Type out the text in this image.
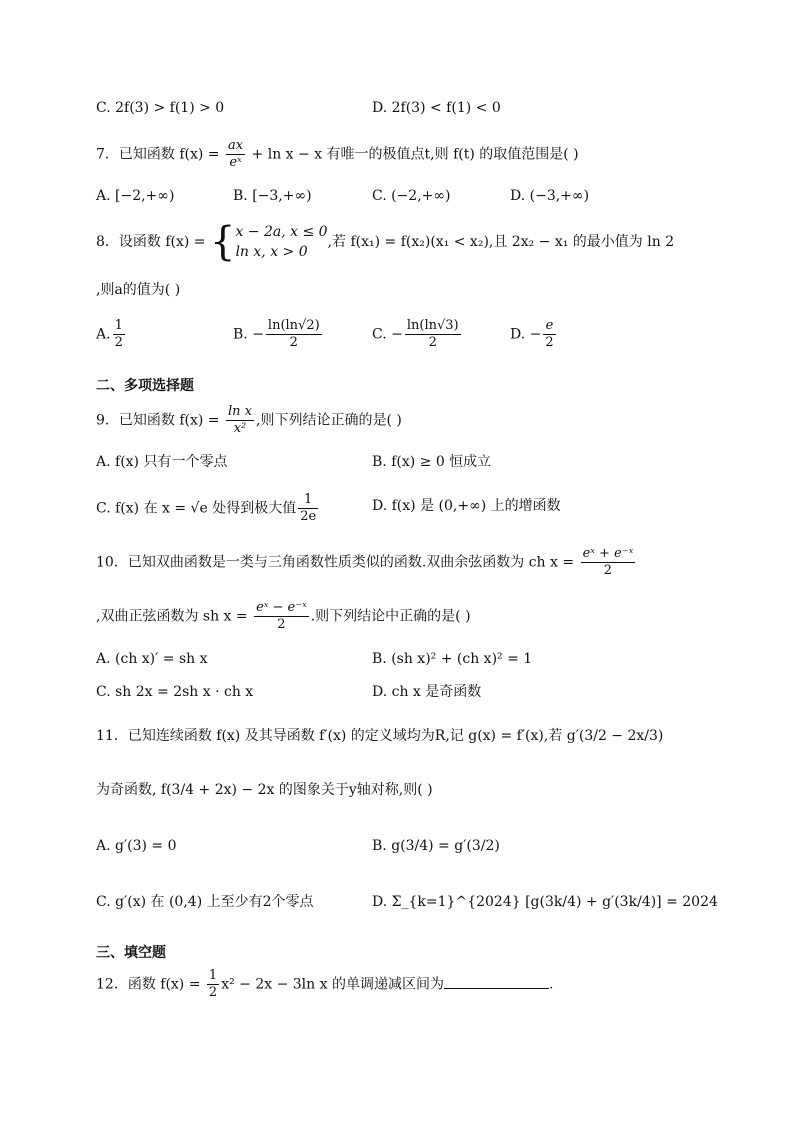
C. 2f(3) > f(1) > 0	D. 2f(3) < f(1) < 0
7．已知函数 $f(x) = \frac{ax}{\text{eˣ}} + \ln x - x$ 有唯一的极值点t,则 f(t) 的取值范围是( )
A. [−2,+∞)	B. [−3,+∞)	C. (−2,+∞)	D. (−3,+∞)
8．设函数 f(x) = { x − 2a, x ≤ 0
ln x, x > 0
,若 f(x₁) = f(x₂)(x₁ < x₂),且 2x₂ − x₁ 的最小值为 ln 2
,则a的值为( )
A. $\frac{1}{2}$	B. − $\frac{\ln(\ln√2)}{2}$	C. − $\frac{\ln(\ln√3)}{2}$	D. − $\frac{e}{2}$
二、多项选择题
9．已知函数 $f(x) = \frac{\text{ln x}}{\text{x²}}$ ,则下列结论正确的是( )
A. f(x) 只有一个零点	B. f(x) ≥ 0 恒成立
C. f(x) 在 x = √e 处得到极大值 $\frac{1}{2e}$	D. f(x) 是 (0,+∞) 上的增函数
10．已知双曲函数是一类与三角函数性质类似的函数.双曲余弦函数为 ch $x = \frac{\text{eˣ + e⁻ˣ}}{2}$
,双曲正弦函数为 sh $x = \frac{\text{eˣ − e⁻ˣ}}{2}$ .则下列结论中正确的是( )
A. (ch x)′ = sh x	B. (sh x)² + (ch x)² = 1
C. sh 2x = 2sh x · ch x	D. ch x 是奇函数
11．已知连续函数 f(x) 及其导函数 f′(x) 的定义域均为R,记 g(x) = f′(x),若 g′(3/2 − 2x/3)
为奇函数, f(3/4 + 2x) − 2x 的图象关于y轴对称,则( )
A. g′(3) = 0	B. g(3/4) = g′(3/2)
C. g′(x) 在 (0,4) 上至少有2个零点	D. Σ_{k=1}^{2024} [g(3k/4) + g′(3k/4)] = 2024
三、填空题
12．函数 $f(x) = \frac{1}{2} x^2 - 2x - 3\ln$ x 的单调递减区间为	.
